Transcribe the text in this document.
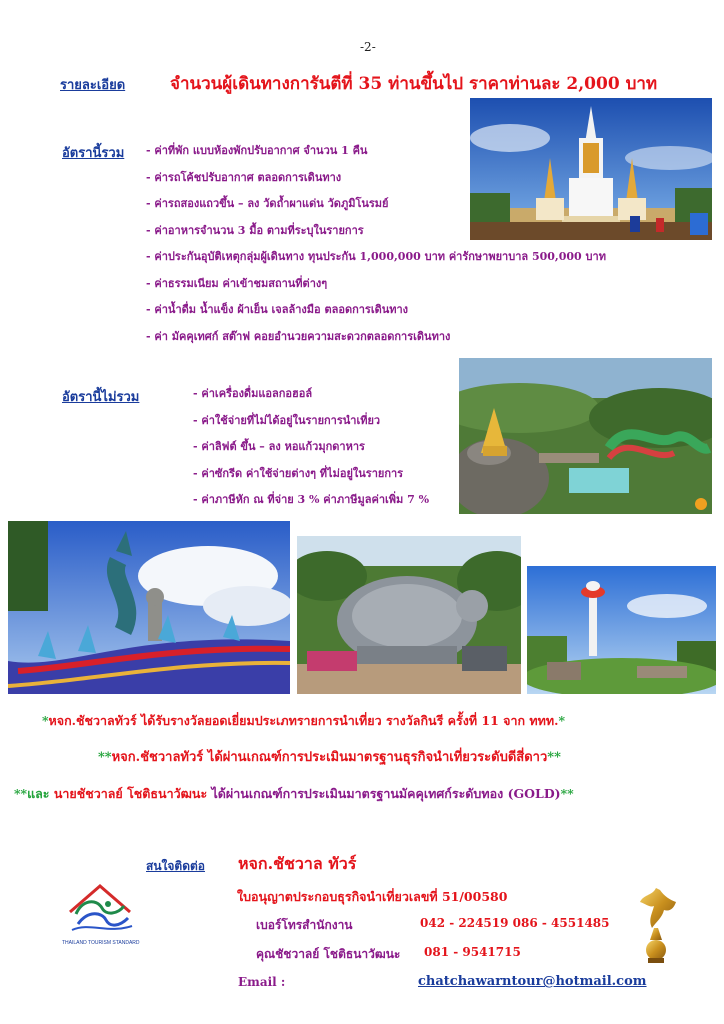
-2-
รายละเอียด	จำนวนผู้เดินทางการันตีที่ 35 ท่านขึ้นไป ราคาท่านละ 2,000 บาท
อัตรานี้รวม - ค่าที่พัก แบบห้องพักปรับอากาศ จำนวน 1 คืน
- ค่ารถโค้ชปรับอากาศ ตลอดการเดินทาง
- ค่ารถสองแถวขึ้น – ลง วัดถ้ำผาแด่น วัดภูมิโนรมย์
- ค่าอาหารจำนวน 3 มื้อ ตามที่ระบุในรายการ
- ค่าประกันอุบัติเหตุกลุ่มผู้เดินทาง ทุนประกัน 1,000,000 บาท ค่ารักษาพยาบาล 500,000 บาท
- ค่าธรรมเนียม ค่าเข้าชมสถานที่ต่างๆ
- ค่าน้ำดื่ม น้ำแข็ง ผ้าเย็น เจลล้างมือ ตลอดการเดินทาง
- ค่า มัคคุเทศก์ สต๊าฟ คอยอำนวยความสะดวกตลอดการเดินทาง
อัตรานี้ไม่รวม	- ค่าเครื่องดื่มแอลกอฮอล์
- ค่าใช้จ่ายที่ไม่ได้อยู่ในรายการนำเที่ยว
- ค่าลิฟต์ ขึ้น – ลง หอแก้วมุกดาหาร
- ค่าซักรีด ค่าใช้จ่ายต่างๆ ที่ไม่อยู่ในรายการ
- ค่าภาษีหัก ณ ที่จ่าย 3 % ค่าภาษีมูลค่าเพิ่ม 7 %
*หจก.ชัชวาลทัวร์ ได้รับรางวัลยอดเยี่ยมประเภทรายการนำเที่ยว รางวัลกินรี ครั้งที่ 11 จาก ททท.*
**หจก.ชัชวาลทัวร์ ได้ผ่านเกณฑ์การประเมินมาตรฐานธุรกิจนำเที่ยวระดับดีสี่ดาว**
**และ นายชัชวาลย์ โชติธนาวัฒนะ ได้ผ่านเกณฑ์การประเมินมาตรฐานมัคคุเทศก์ระดับทอง (GOLD)**
สนใจติดต่อ หจก.ชัชวาล ทัวร์
ใบอนุญาตประกอบธุรกิจนำเที่ยวเลขที่ 51/00580
เบอร์โทรสำนักงาน	042 - 224519 086 - 4551485
คุณชัชวาลย์ โชติธนาวัฒนะ 081 - 9541715
Email :	chatchawarntour@hotmail.com
THAILAND TOURISM STANDARD
